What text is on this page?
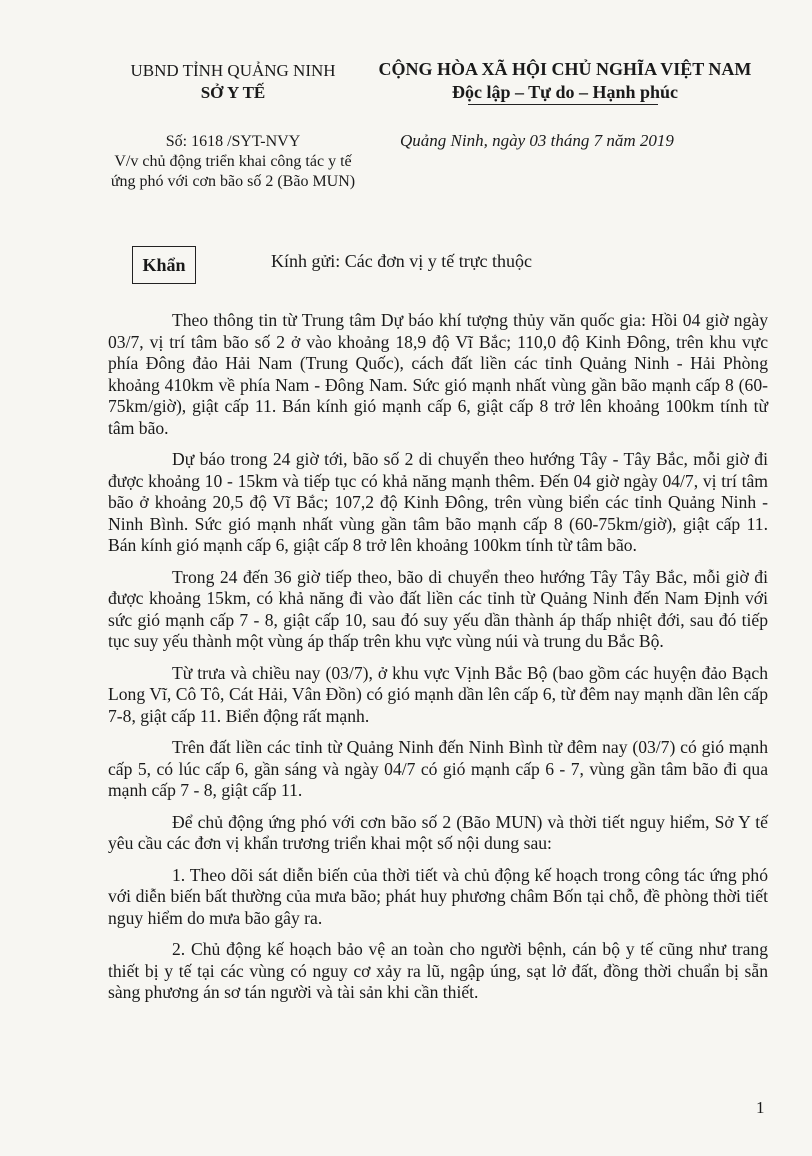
UBND TỈNH QUẢNG NINH
SỞ Y TẾ
CỘNG HÒA XÃ HỘI CHỦ NGHĨA VIỆT NAM
Độc lập – Tự do – Hạnh phúc
Số: 1618 /SYT-NVY
V/v chủ động triển khai công tác y tế ứng phó với cơn bão số 2 (Bão MUN)
Quảng Ninh, ngày 03 tháng 7 năm 2019
Khẩn	Kính gửi: Các đơn vị y tế trực thuộc

Theo thông tin từ Trung tâm Dự báo khí tượng thủy văn quốc gia: Hồi 04 giờ ngày 03/7, vị trí tâm bão số 2 ở vào khoảng 18,9 độ Vĩ Bắc; 110,0 độ Kinh Đông, trên khu vực phía Đông đảo Hải Nam (Trung Quốc), cách đất liền các tỉnh Quảng Ninh - Hải Phòng khoảng 410km về phía Nam - Đông Nam. Sức gió mạnh nhất vùng gần bão mạnh cấp 8 (60-75km/giờ), giật cấp 11. Bán kính gió mạnh cấp 6, giật cấp 8 trở lên khoảng 100km tính từ tâm bão.

Dự báo trong 24 giờ tới, bão số 2 di chuyển theo hướng Tây - Tây Bắc, mỗi giờ đi được khoảng 10 - 15km và tiếp tục có khả năng mạnh thêm. Đến 04 giờ ngày 04/7, vị trí tâm bão ở khoảng 20,5 độ Vĩ Bắc; 107,2 độ Kinh Đông, trên vùng biển các tỉnh Quảng Ninh - Ninh Bình. Sức gió mạnh nhất vùng gần tâm bão mạnh cấp 8 (60-75km/giờ), giật cấp 11. Bán kính gió mạnh cấp 6, giật cấp 8 trở lên khoảng 100km tính từ tâm bão.

Trong 24 đến 36 giờ tiếp theo, bão di chuyển theo hướng Tây Tây Bắc, mỗi giờ đi được khoảng 15km, có khả năng đi vào đất liền các tỉnh từ Quảng Ninh đến Nam Định với sức gió mạnh cấp 7 - 8, giật cấp 10, sau đó suy yếu dần thành áp thấp nhiệt đới, sau đó tiếp tục suy yếu thành một vùng áp thấp trên khu vực vùng núi và trung du Bắc Bộ.

Từ trưa và chiều nay (03/7), ở khu vực Vịnh Bắc Bộ (bao gồm các huyện đảo Bạch Long Vĩ, Cô Tô, Cát Hải, Vân Đồn) có gió mạnh dần lên cấp 6, từ đêm nay mạnh dần lên cấp 7-8, giật cấp 11. Biển động rất mạnh.

Trên đất liền các tỉnh từ Quảng Ninh đến Ninh Bình từ đêm nay (03/7) có gió mạnh cấp 5, có lúc cấp 6, gần sáng và ngày 04/7 có gió mạnh cấp 6 - 7, vùng gần tâm bão đi qua mạnh cấp 7 - 8, giật cấp 11.

Để chủ động ứng phó với cơn bão số 2 (Bão MUN) và thời tiết nguy hiểm, Sở Y tế yêu cầu các đơn vị khẩn trương triển khai một số nội dung sau:

1. Theo dõi sát diễn biến của thời tiết và chủ động kế hoạch trong công tác ứng phó với diễn biến bất thường của mưa bão; phát huy phương châm Bốn tại chỗ, đề phòng thời tiết nguy hiểm do mưa bão gây ra.

2. Chủ động kế hoạch bảo vệ an toàn cho người bệnh, cán bộ y tế cũng như trang thiết bị y tế tại các vùng có nguy cơ xảy ra lũ, ngập úng, sạt lở đất, đồng thời chuẩn bị sẵn sàng phương án sơ tán người và tài sản khi cần thiết.

1
